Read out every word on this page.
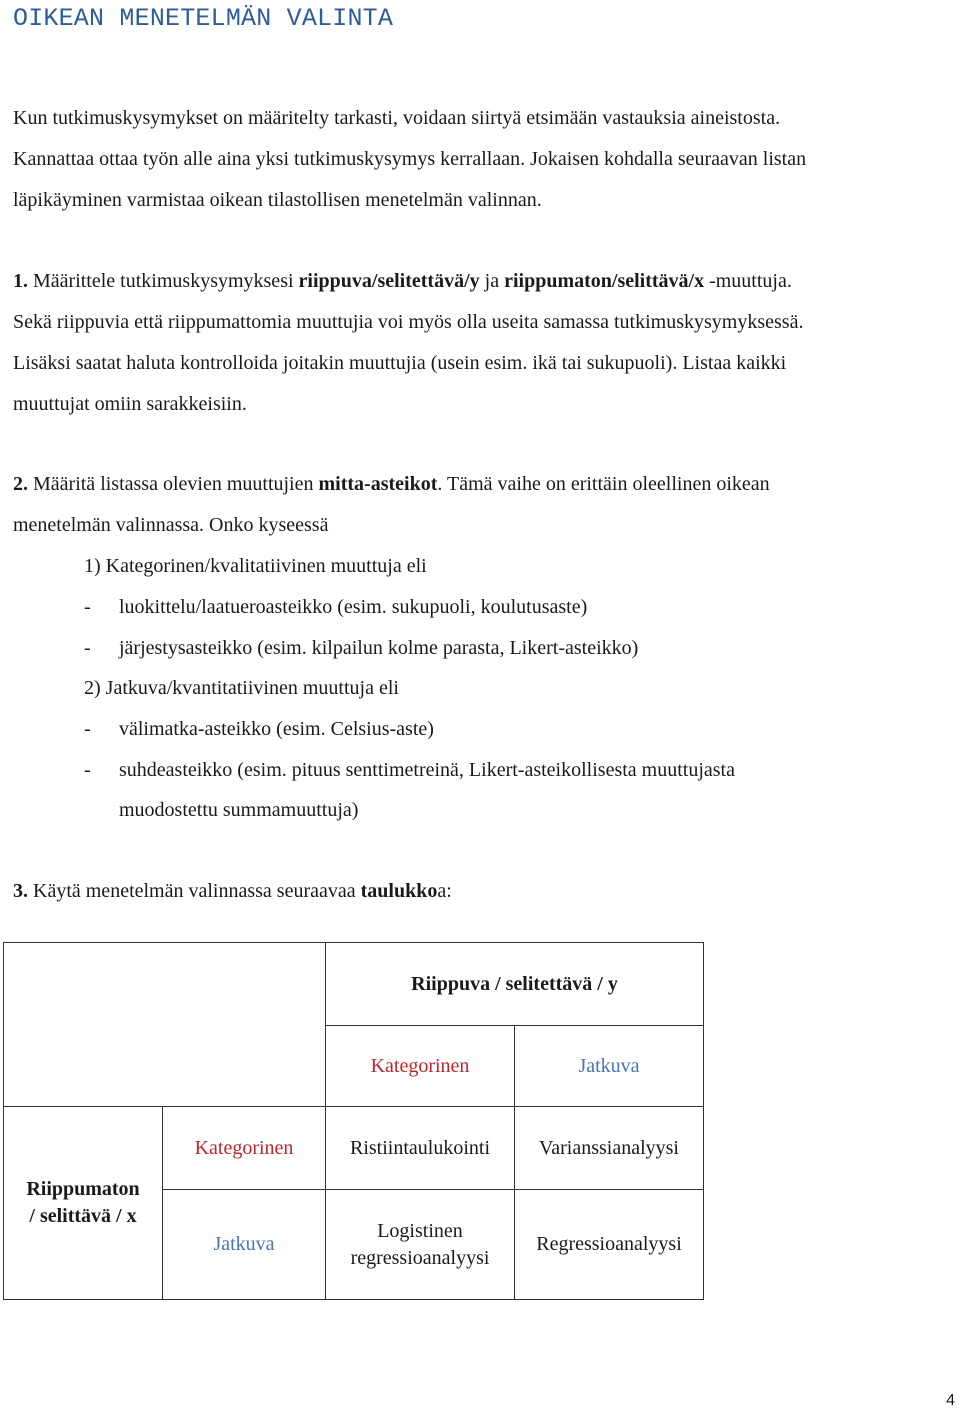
OIKEAN MENETELMÄN VALINTA
Kun tutkimuskysymykset on määritelty tarkasti, voidaan siirtyä etsimään vastauksia aineistosta.
Kannattaa ottaa työn alle aina yksi tutkimuskysymys kerrallaan. Jokaisen kohdalla seuraavan listan
läpikäyminen varmistaa oikean tilastollisen menetelmän valinnan.
1. Määrittele tutkimuskysymyksesi riippuva/selitettävä/y ja riippumaton/selittävä/x -muuttuja.
Sekä riippuvia että riippumattomia muuttujia voi myös olla useita samassa tutkimuskysymyksessä.
Lisäksi saatat haluta kontrolloida joitakin muuttujia (usein esim. ikä tai sukupuoli). Listaa kaikki
muuttujat omiin sarakkeisiin.
2. Määritä listassa olevien muuttujien mitta-asteikot. Tämä vaihe on erittäin oleellinen oikean
menetelmän valinnassa. Onko kyseessä
1) Kategorinen/kvalitatiivinen muuttuja eli
- luokittelu/laatueroasteikko (esim. sukupuoli, koulutusaste)
- järjestysasteikko (esim. kilpailun kolme parasta, Likert-asteikko)
2) Jatkuva/kvantitatiivinen muuttuja eli
- välimatka-asteikko (esim. Celsius-aste)
- suhdeasteikko (esim. pituus senttimetreinä, Likert-asteikollisesta muuttujasta
muodostettu summamuuttuja)
3. Käytä menetelmän valinnassa seuraavaa taulukkoa:
Riippuva / selitettävä / y
Kategorinen	Jatkuva
Riippumaton
/ selittävä / x
Kategorinen
Jatkuva
Ristiintaulukointi	Varianssianalyysi
Logistinen
regressioanalyysi
Regressioanalyysi
4
